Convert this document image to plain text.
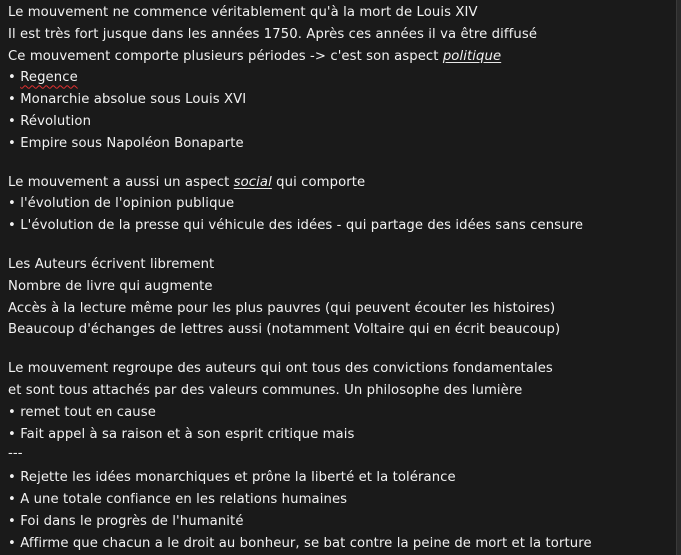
Le mouvement ne commence véritablement qu'à la mort de Louis XIV
Il est très fort jusque dans les années 1750. Après ces années il va être diffusé
Ce mouvement comporte plusieurs périodes -> c'est son aspect politique
• Regence
• Monarchie absolue sous Louis XVI
• Révolution
• Empire sous Napoléon Bonaparte
Le mouvement a aussi un aspect social qui comporte
• l'évolution de l'opinion publique
• L'évolution de la presse qui véhicule des idées - qui partage des idées sans censure
Les Auteurs écrivent librement
Nombre de livre qui augmente
Accès à la lecture même pour les plus pauvres (qui peuvent écouter les histoires)
Beaucoup d'échanges de lettres aussi (notamment Voltaire qui en écrit beaucoup)
Le mouvement regroupe des auteurs qui ont tous des convictions fondamentales
et sont tous attachés par des valeurs communes. Un philosophe des lumière
• remet tout en cause
• Fait appel à sa raison et à son esprit critique mais
---
• Rejette les idées monarchiques et prône la liberté et la tolérance
• A une totale confiance en les relations humaines
• Foi dans le progrès de l'humanité
• Affirme que chacun a le droit au bonheur, se bat contre la peine de mort et la torture
